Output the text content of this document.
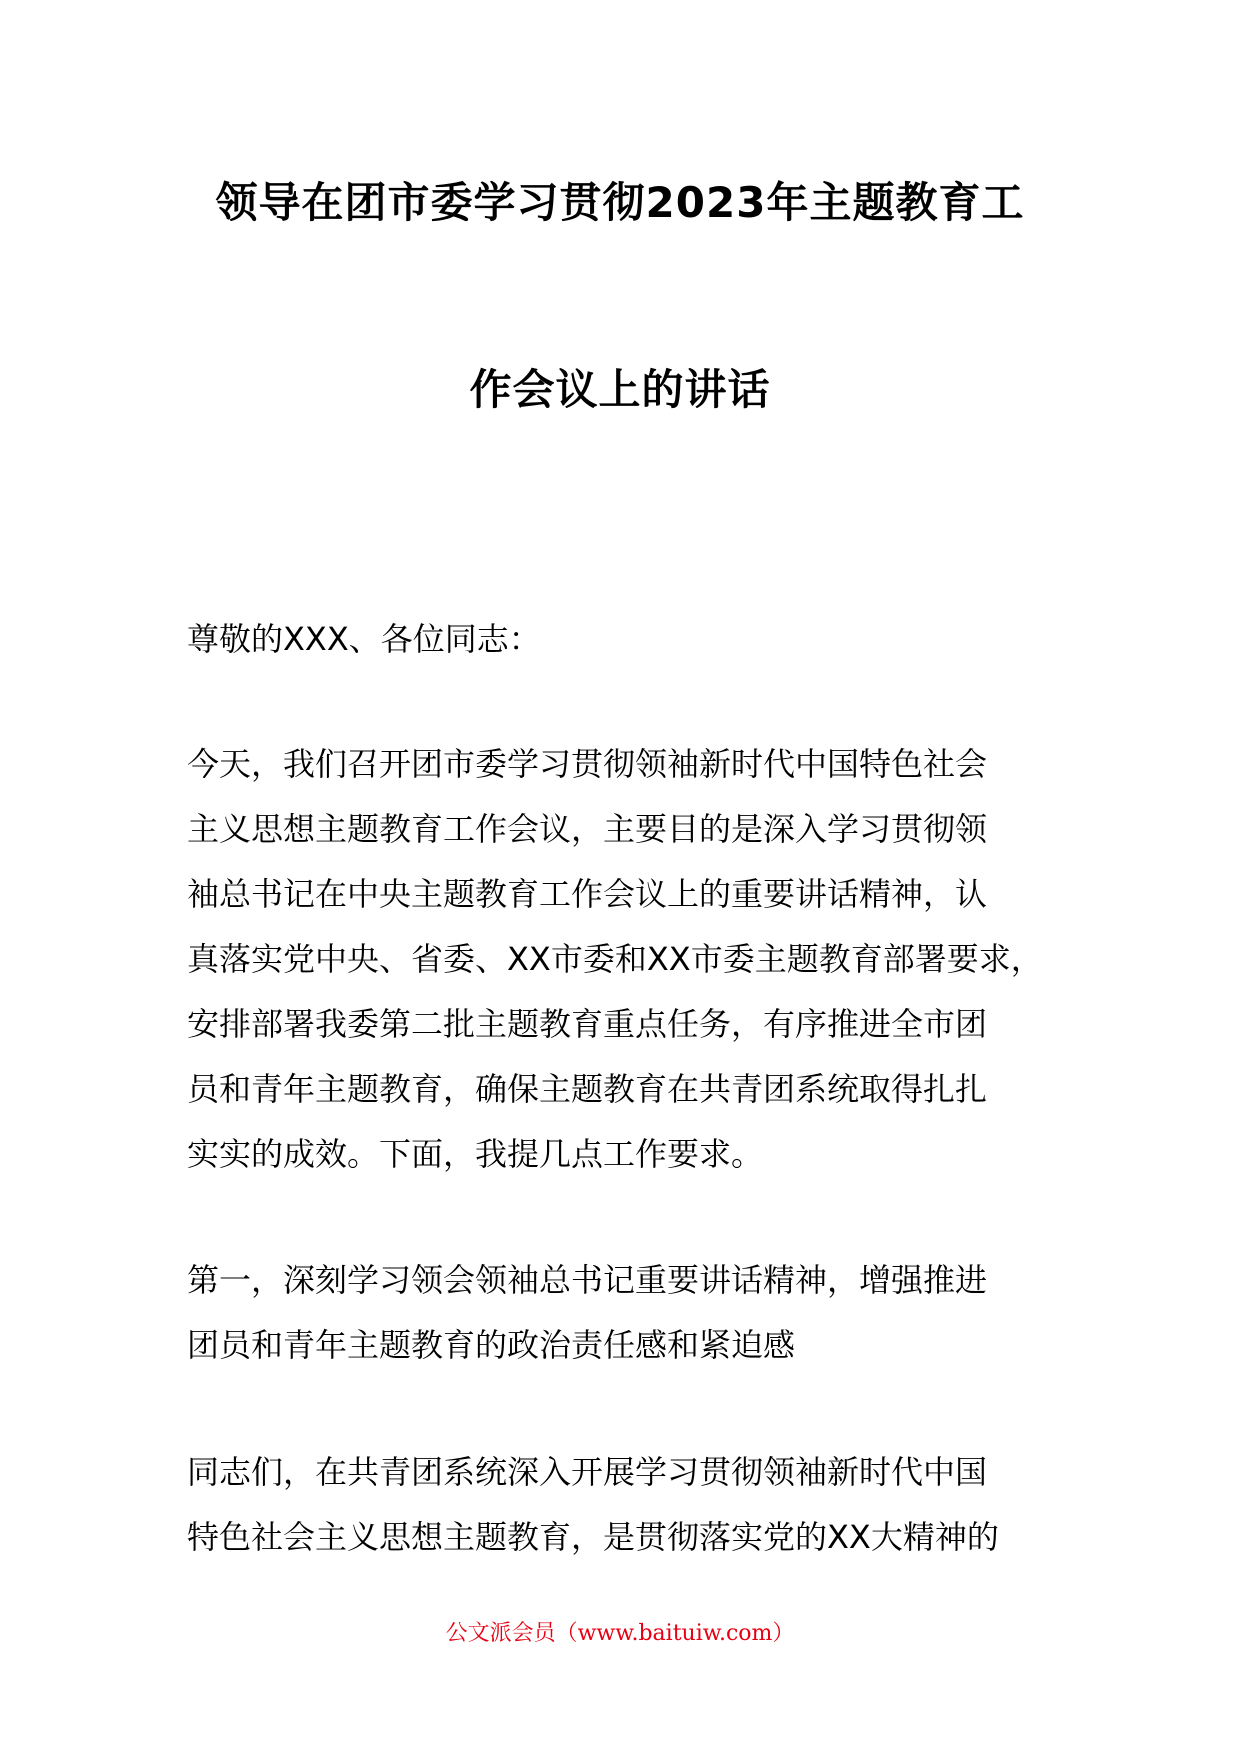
领导在团市委学习贯彻2023年主题教育工
作会议上的讲话

尊敬的XXX、各位同志：

今天，我们召开团市委学习贯彻领袖新时代中国特色社会
主义思想主题教育工作会议，主要目的是深入学习贯彻领
袖总书记在中央主题教育工作会议上的重要讲话精神，认
真落实党中央、省委、XX市委和XX市委主题教育部署要求，
安排部署我委第二批主题教育重点任务，有序推进全市团
员和青年主题教育，确保主题教育在共青团系统取得扎扎
实实的成效。下面，我提几点工作要求。
第一，深刻学习领会领袖总书记重要讲话精神，增强推进
团员和青年主题教育的政治责任感和紧迫感
同志们，在共青团系统深入开展学习贯彻领袖新时代中国
特色社会主义思想主题教育，是贯彻落实党的XX大精神的
公文派会员（www.baituiw.com）
